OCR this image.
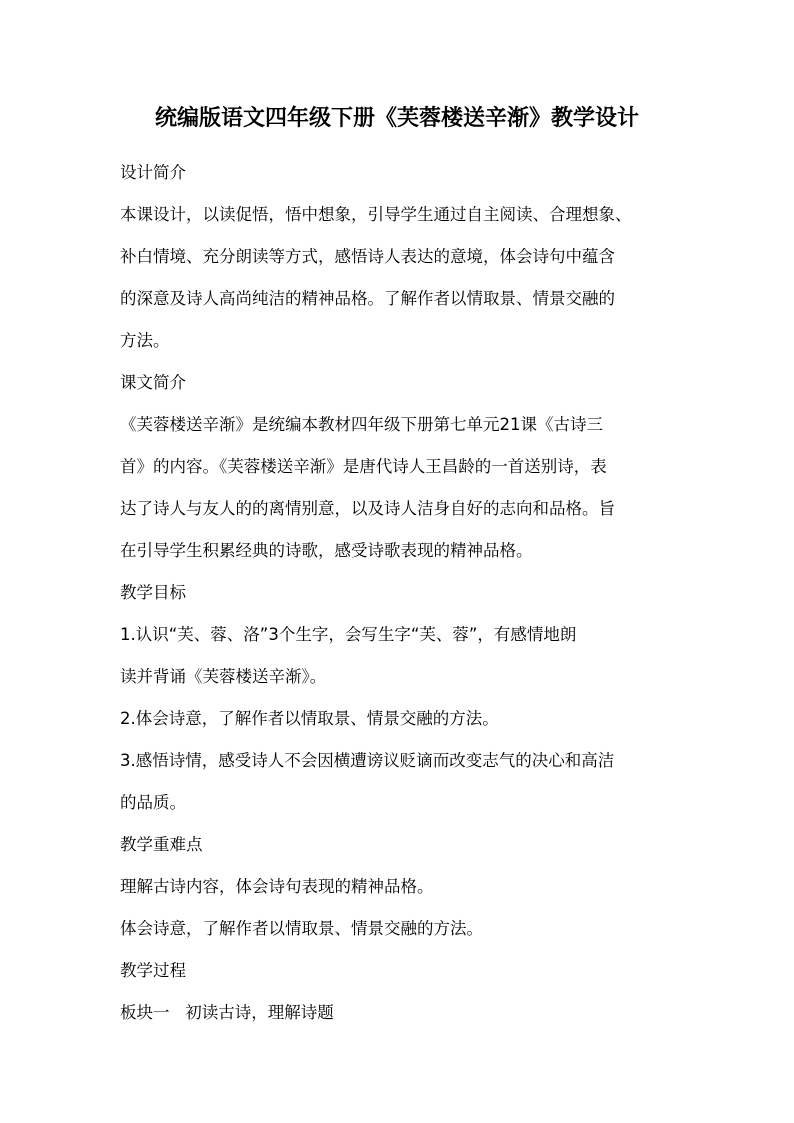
统编版语文四年级下册《芙蓉楼送辛渐》教学设计
设计简介
本课设计，以读促悟，悟中想象，引导学生通过自主阅读、合理想象、
补白情境、充分朗读等方式，感悟诗人表达的意境，体会诗句中蕴含
的深意及诗人高尚纯洁的精神品格。了解作者以情取景、情景交融的
方法。
课文简介
《芙蓉楼送辛渐》是统编本教材四年级下册第七单元21课《古诗三
首》的内容。《芙蓉楼送辛渐》是唐代诗人王昌龄的一首送别诗，表
达了诗人与友人的的离情别意，以及诗人洁身自好的志向和品格。旨
在引导学生积累经典的诗歌，感受诗歌表现的精神品格。
教学目标
1.认识“芙、蓉、洛”3个生字，会写生字“芙、蓉”，有感情地朗
读并背诵《芙蓉楼送辛渐》。
2.体会诗意，了解作者以情取景、情景交融的方法。
3.感悟诗情，感受诗人不会因横遭谤议贬谪而改变志气的决心和高洁
的品质。
教学重难点
理解古诗内容，体会诗句表现的精神品格。
体会诗意，了解作者以情取景、情景交融的方法。
教学过程
板块一   初读古诗，理解诗题
